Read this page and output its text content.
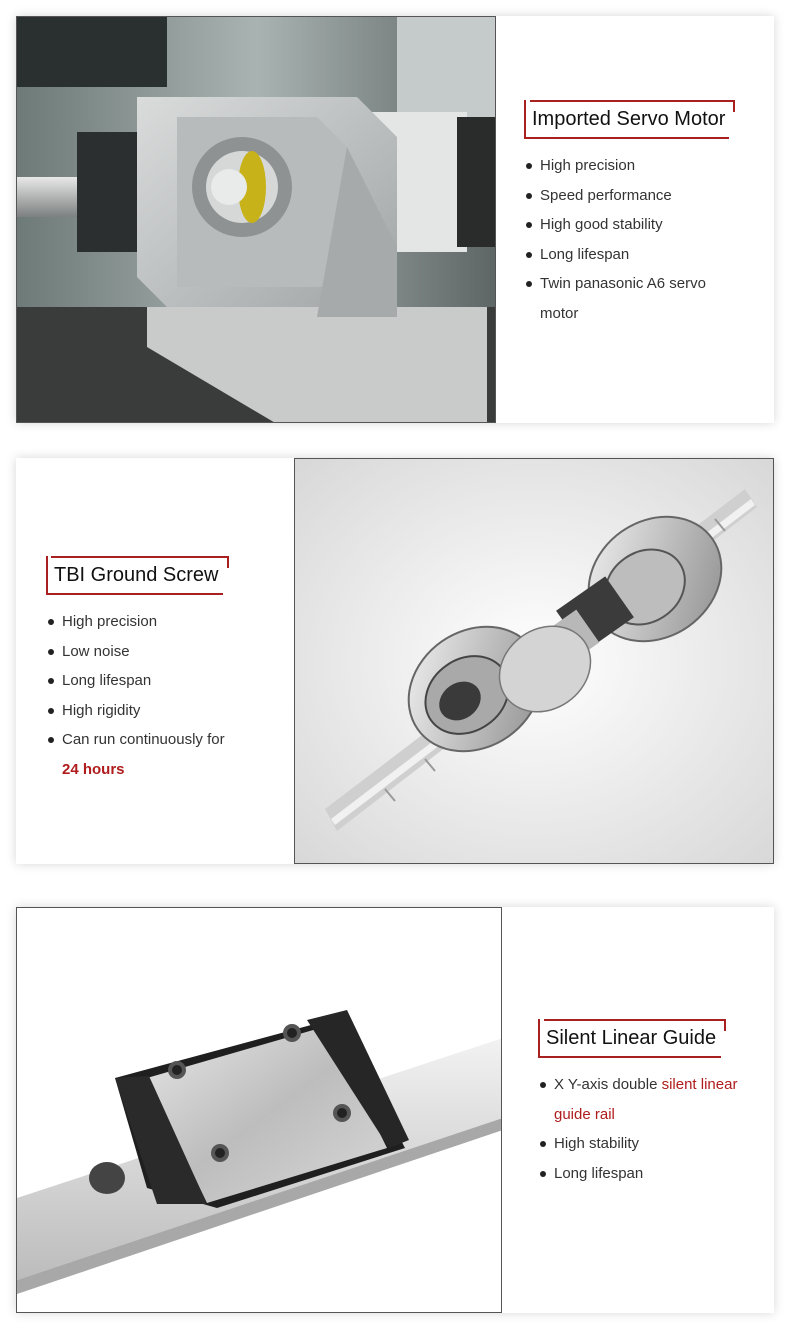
Imported Servo Motor
High precision
Speed performance
High good stability
Long lifespan
Twin panasonic A6 servo motor
TBI Ground Screw
High precision
Low noise
Long lifespan
High rigidity
Can run continuously for 24 hours
Silent Linear Guide
X Y-axis double silent linear guide rail
High stability
Long lifespan
